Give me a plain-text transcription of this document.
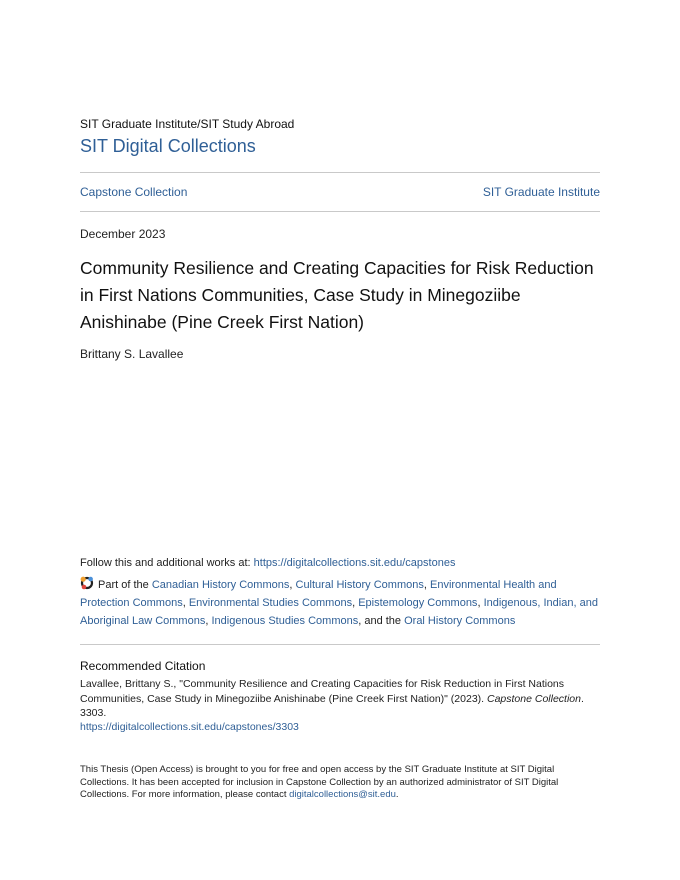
SIT Graduate Institute/SIT Study Abroad
SIT Digital Collections
Capstone Collection	SIT Graduate Institute
December 2023
Community Resilience and Creating Capacities for Risk Reduction in First Nations Communities, Case Study in Minegoziibe Anishinabe (Pine Creek First Nation)
Brittany S. Lavallee
Follow this and additional works at: https://digitalcollections.sit.edu/capstones
Part of the Canadian History Commons, Cultural History Commons, Environmental Health and Protection Commons, Environmental Studies Commons, Epistemology Commons, Indigenous, Indian, and Aboriginal Law Commons, Indigenous Studies Commons, and the Oral History Commons
Recommended Citation
Lavallee, Brittany S., "Community Resilience and Creating Capacities for Risk Reduction in First Nations Communities, Case Study in Minegoziibe Anishinabe (Pine Creek First Nation)" (2023). Capstone Collection. 3303.
https://digitalcollections.sit.edu/capstones/3303
This Thesis (Open Access) is brought to you for free and open access by the SIT Graduate Institute at SIT Digital Collections. It has been accepted for inclusion in Capstone Collection by an authorized administrator of SIT Digital Collections. For more information, please contact digitalcollections@sit.edu.
